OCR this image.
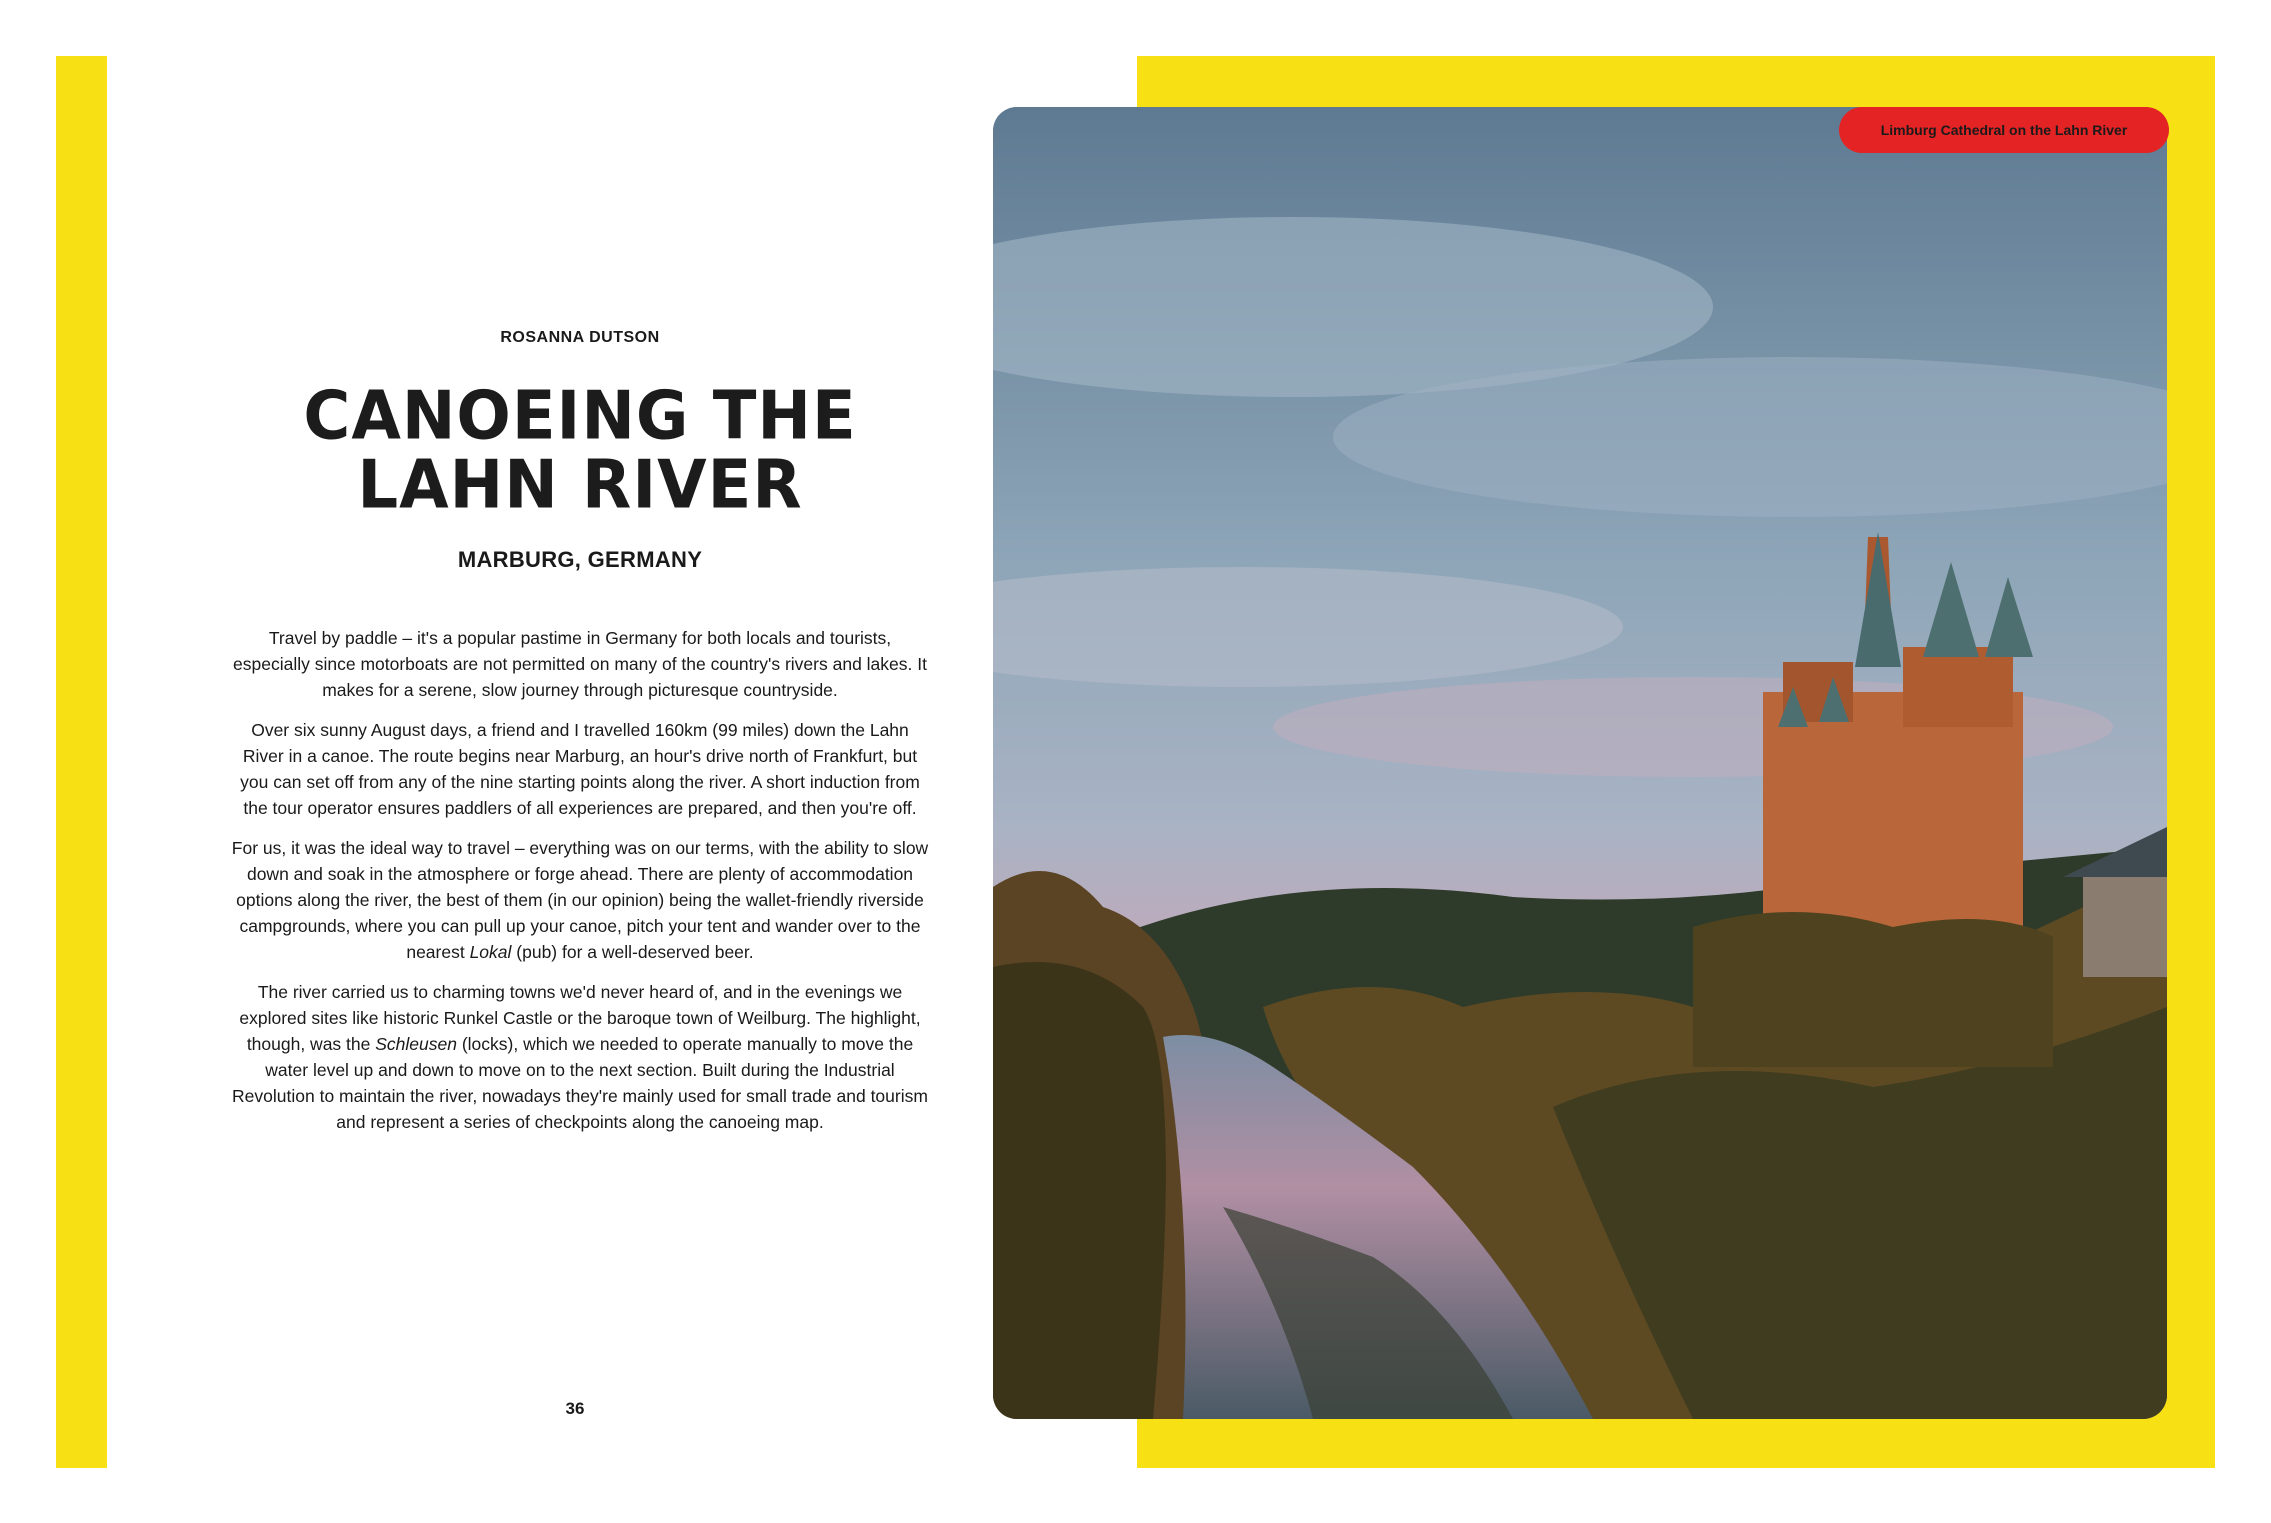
ROSANNA DUTSON
CANOEING THE
LAHN RIVER
MARBURG, GERMANY

Travel by paddle – it's a popular pastime in Germany for both locals and tourists, especially since motorboats are not permitted on many of the country's rivers and lakes. It makes for a serene, slow journey through picturesque countryside.

Over six sunny August days, a friend and I travelled 160km (99 miles) down the Lahn River in a canoe. The route begins near Marburg, an hour's drive north of Frankfurt, but you can set off from any of the nine starting points along the river. A short induction from the tour operator ensures paddlers of all experiences are prepared, and then you're off.

For us, it was the ideal way to travel – everything was on our terms, with the ability to slow down and soak in the atmosphere or forge ahead. There are plenty of accommodation options along the river, the best of them (in our opinion) being the wallet-friendly riverside campgrounds, where you can pull up your canoe, pitch your tent and wander over to the nearest Lokal (pub) for a well-deserved beer.

The river carried us to charming towns we'd never heard of, and in the evenings we explored sites like historic Runkel Castle or the baroque town of Weilburg. The highlight, though, was the Schleusen (locks), which we needed to operate manually to move the water level up and down to move on to the next section. Built during the Industrial Revolution to maintain the river, nowadays they're mainly used for small trade and tourism and represent a series of checkpoints along the canoeing map.

36
Limburg Cathedral on the Lahn River
